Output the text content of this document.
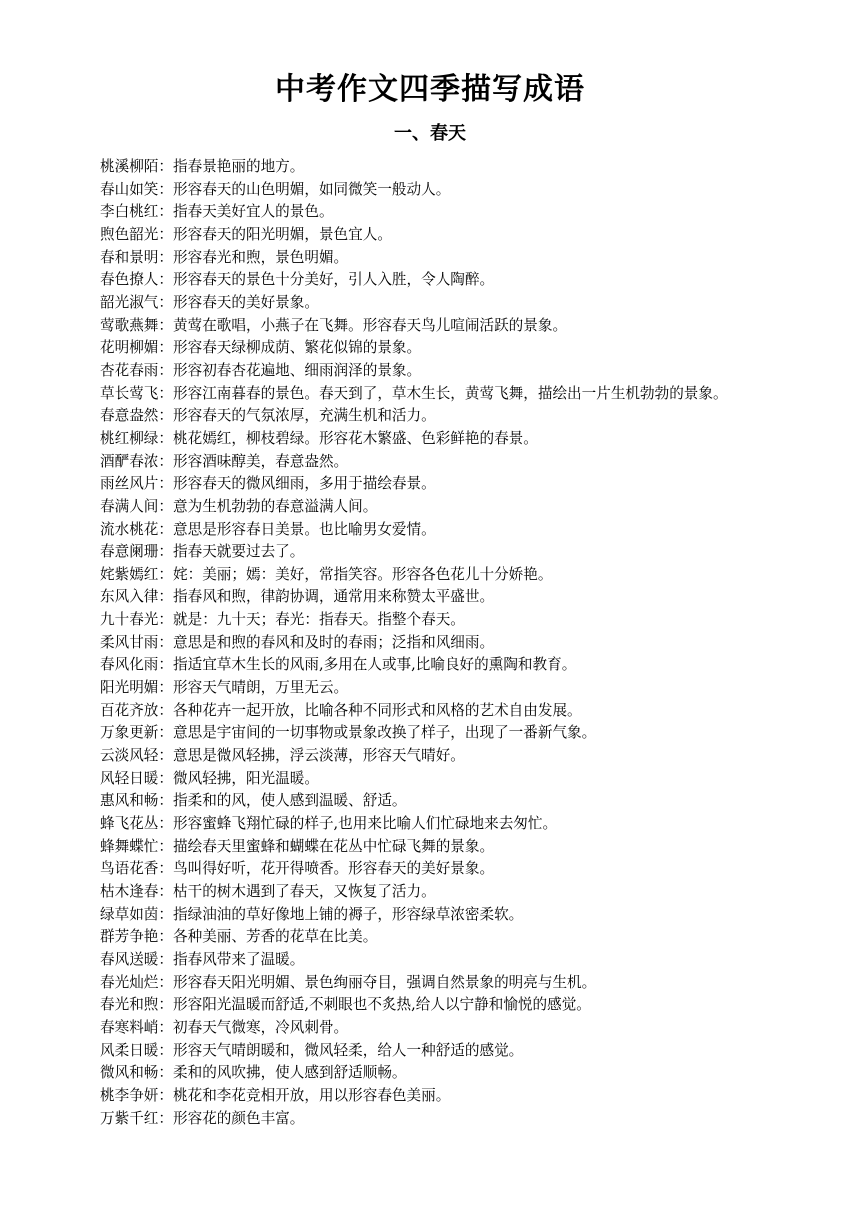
中考作文四季描写成语
一、春天
桃溪柳陌：指春景艳丽的地方。
春山如笑：形容春天的山色明媚，如同微笑一般动人。
李白桃红：指春天美好宜人的景色。
煦色韶光：形容春天的阳光明媚，景色宜人。
春和景明：形容春光和煦，景色明媚。
春色撩人：形容春天的景色十分美好，引人入胜，令人陶醉。
韶光淑气：形容春天的美好景象。
莺歌燕舞：黄莺在歌唱，小燕子在飞舞。形容春天鸟儿喧闹活跃的景象。
花明柳媚：形容春天绿柳成荫、繁花似锦的景象。
杏花春雨：形容初春杏花遍地、细雨润泽的景象。
草长莺飞：形容江南暮春的景色。春天到了，草木生长，黄莺飞舞，描绘出一片生机勃勃的景象。
春意盎然：形容春天的气氛浓厚，充满生机和活力。
桃红柳绿：桃花嫣红，柳枝碧绿。形容花木繁盛、色彩鲜艳的春景。
酒酽春浓：形容酒味醇美，春意盎然。
雨丝风片：形容春天的微风细雨，多用于描绘春景。
春满人间：意为生机勃勃的春意溢满人间。
流水桃花：意思是形容春日美景。也比喻男女爱情。
春意阑珊：指春天就要过去了。
姹紫嫣红：姹：美丽；嫣：美好，常指笑容。形容各色花儿十分娇艳。
东风入律：指春风和煦，律韵协调，通常用来称赞太平盛世。
九十春光：就是：九十天；春光：指春天。指整个春天。
柔风甘雨：意思是和煦的春风和及时的春雨；泛指和风细雨。
春风化雨：指适宜草木生长的风雨,多用在人或事,比喻良好的熏陶和教育。
阳光明媚：形容天气晴朗，万里无云。
百花齐放：各种花卉一起开放，比喻各种不同形式和风格的艺术自由发展。
万象更新：意思是宇宙间的一切事物或景象改换了样子，出现了一番新气象。
云淡风轻：意思是微风轻拂，浮云淡薄，形容天气晴好。
风轻日暖：微风轻拂，阳光温暖。
惠风和畅：指柔和的风，使人感到温暖、舒适。
蜂飞花丛：形容蜜蜂飞翔忙碌的样子,也用来比喻人们忙碌地来去匆忙。
蜂舞蝶忙：描绘春天里蜜蜂和蝴蝶在花丛中忙碌飞舞的景象。
鸟语花香：鸟叫得好听，花开得喷香。形容春天的美好景象。
枯木逢春：枯干的树木遇到了春天，又恢复了活力。
绿草如茵：指绿油油的草好像地上铺的褥子，形容绿草浓密柔软。
群芳争艳：各种美丽、芳香的花草在比美。
春风送暖：指春风带来了温暖。
春光灿烂：形容春天阳光明媚、景色绚丽夺目，强调自然景象的明亮与生机。
春光和煦：形容阳光温暖而舒适,不刺眼也不炙热,给人以宁静和愉悦的感觉。
春寒料峭：初春天气微寒，冷风刺骨。
风柔日暖：形容天气晴朗暖和，微风轻柔，给人一种舒适的感觉。
微风和畅：柔和的风吹拂，使人感到舒适顺畅。
桃李争妍：桃花和李花竞相开放，用以形容春色美丽。
万紫千红：形容花的颜色丰富。
